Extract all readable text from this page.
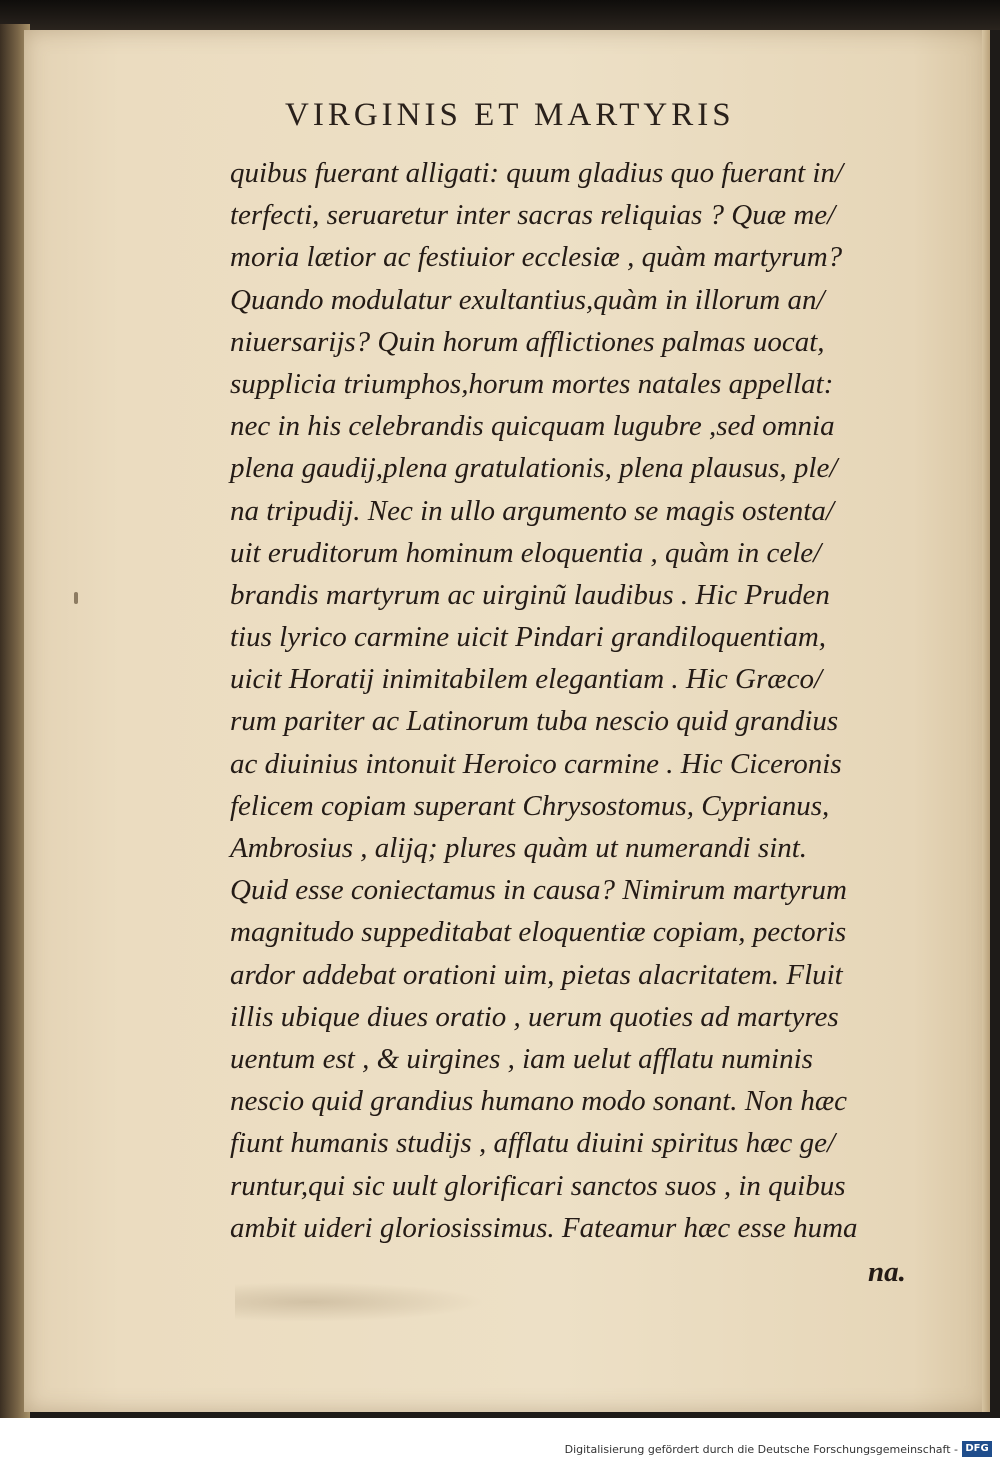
VIRGINIS ET MARTYRIS
quibus fuerant alligati: quum gladius quo fuerant in/
terfecti, seruaretur inter sacras reliquias ? Quæ me/
moria lætior ac festiuior ecclesiæ , quàm martyrum?
Quando modulatur exultantius,quàm in illorum an/
niuersarijs? Quin horum afflictiones palmas uocat,
supplicia triumphos,horum mortes natales appellat:
nec in his celebrandis quicquam lugubre ,sed omnia
plena gaudij,plena gratulationis, plena plausus, ple/
na tripudij. Nec in ullo argumento se magis ostenta/
uit eruditorum hominum eloquentia , quàm in cele/
brandis martyrum ac uirginũ laudibus . Hic Pruden
tius lyrico carmine uicit Pindari grandiloquentiam,
uicit Horatij inimitabilem elegantiam . Hic Græco/
rum pariter ac Latinorum tuba nescio quid grandius
ac diuinius intonuit Heroico carmine . Hic Ciceronis
felicem copiam superant Chrysostomus, Cyprianus,
Ambrosius , alijq; plures quàm ut numerandi sint.
Quid esse coniectamus in causa? Nimirum martyrum
magnitudo suppeditabat eloquentiæ copiam, pectoris
ardor addebat orationi uim, pietas alacritatem. Fluit
illis ubique diues oratio , uerum quoties ad martyres
uentum est , & uirgines , iam uelut afflatu numinis
nescio quid grandius humano modo sonant. Non hæc
fiunt humanis studijs , afflatu diuini spiritus hæc ge/
runtur,qui sic uult glorificari sanctos suos , in quibus
ambit uideri gloriosissimus. Fateamur hæc esse huma
na.
Digitalisierung gefördert durch die Deutsche Forschungsgemeinschaft - DFG
